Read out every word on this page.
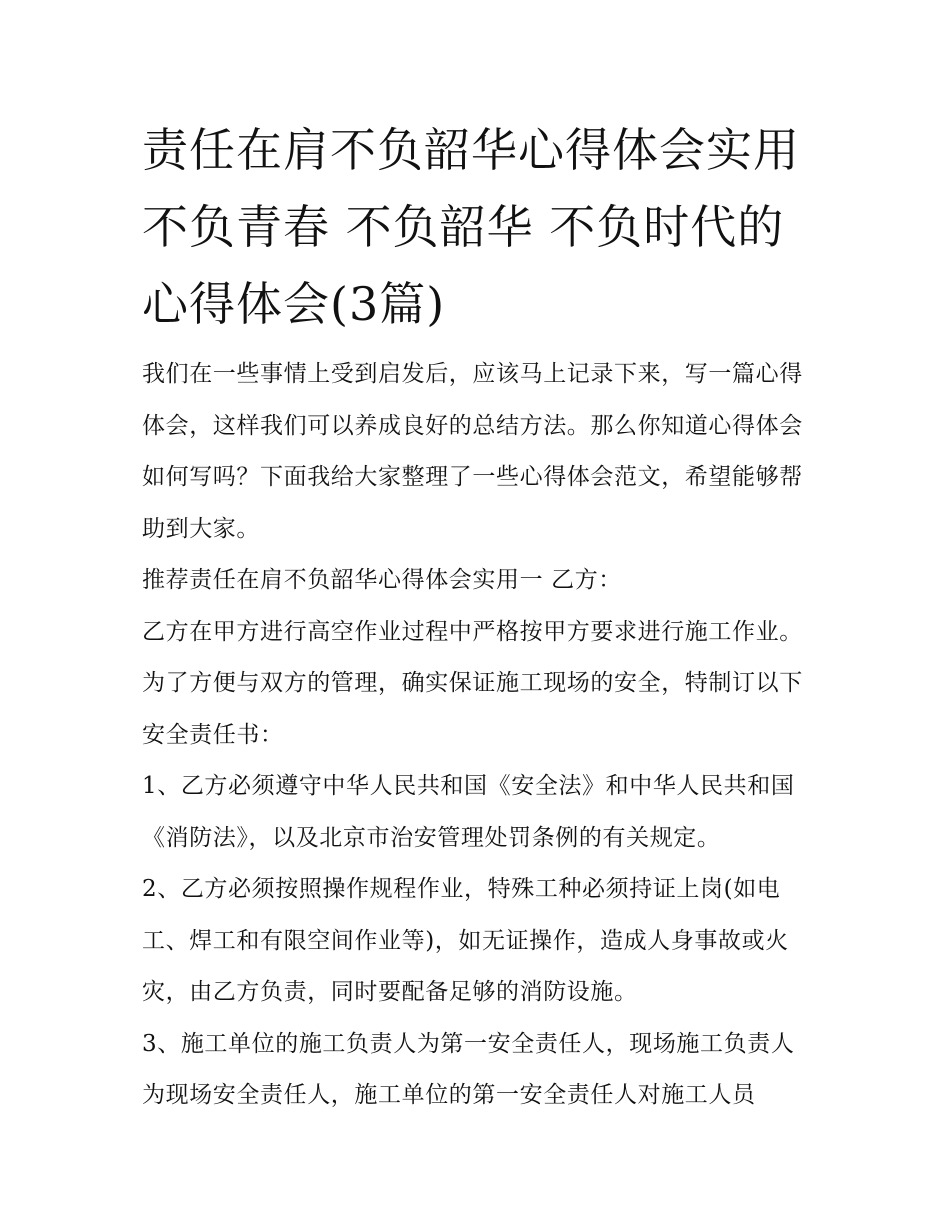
责任在肩不负韶华心得体会实用 不负青春 不负韶华 不负时代的心得体会(3篇)

我们在一些事情上受到启发后，应该马上记录下来，写一篇心得体会，这样我们可以养成良好的总结方法。那么你知道心得体会如何写吗？下面我给大家整理了一些心得体会范文，希望能够帮助到大家。

推荐责任在肩不负韶华心得体会实用一 乙方：

乙方在甲方进行高空作业过程中严格按甲方要求进行施工作业。为了方便与双方的管理，确实保证施工现场的安全，特制订以下安全责任书：

1、乙方必须遵守中华人民共和国《安全法》和中华人民共和国《消防法》，以及北京市治安管理处罚条例的有关规定。

2、乙方必须按照操作规程作业，特殊工种必须持证上岗(如电工、焊工和有限空间作业等)，如无证操作，造成人身事故或火灾，由乙方负责，同时要配备足够的消防设施。

3、施工单位的施工负责人为第一安全责任人，现场施工负责人为现场安全责任人，施工单位的第一安全责任人对施工人员
